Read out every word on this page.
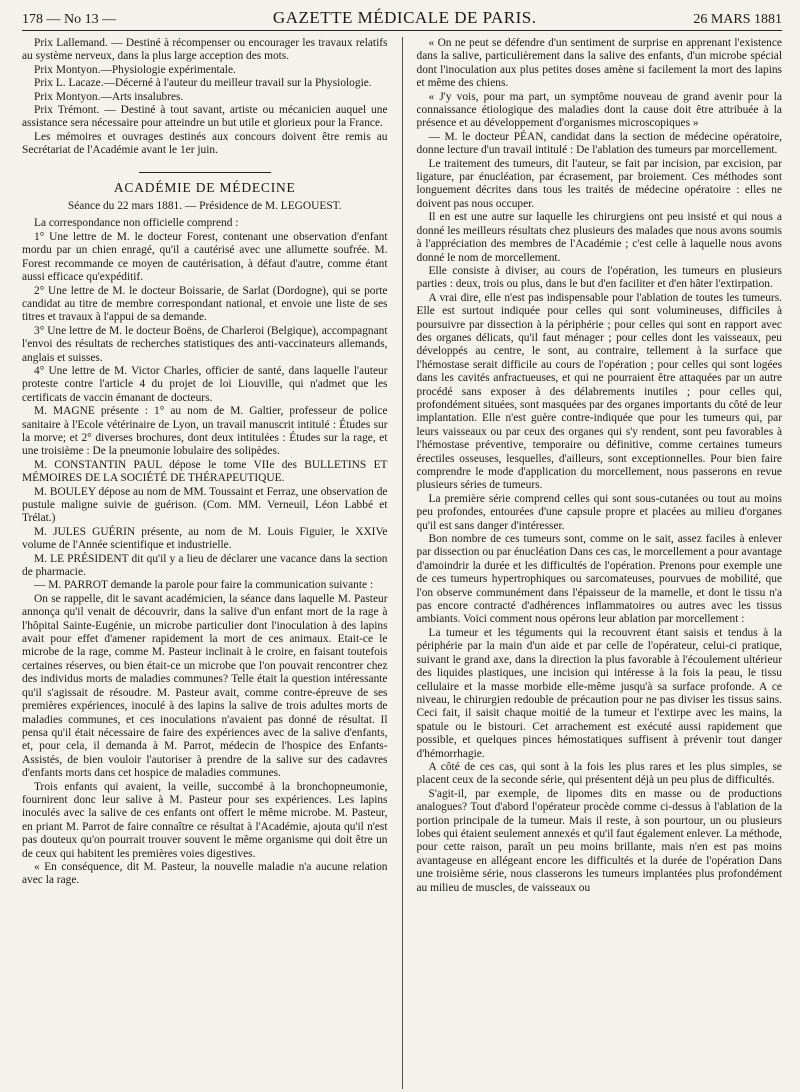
178 — No 13 —	GAZETTE MÉDICALE DE PARIS.	26 MARS 1881

Prix Lallemand. — Destiné à récompenser ou encourager les travaux relatifs au système nerveux, dans la plus large acception des mots.

Prix Montyon.—Physiologie expérimentale.

Prix L. Lacaze.—Décerné à l'auteur du meilleur travail sur la Physiologie.

Prix Montyon.—Arts insalubres.

Prix Trémont. — Destiné à tout savant, artiste ou mécanicien auquel une assistance sera nécessaire pour atteindre un but utile et glorieux pour la France.

Les mémoires et ouvrages destinés aux concours doivent être remis au Secrétariat de l'Académie avant le 1er juin.

ACADÉMIE DE MÉDECINE

Séance du 22 mars 1881. — Présidence de M. LEGOUEST.

La correspondance non officielle comprend :

1° Une lettre de M. le docteur Forest, contenant une observation d'enfant mordu par un chien enragé, qu'il a cautérisé avec une allumette soufrée. M. Forest recommande ce moyen de cautérisation, à défaut d'autre, comme étant aussi efficace qu'expéditif.

2° Une lettre de M. le docteur Boissarie, de Sarlat (Dordogne), qui se porte candidat au titre de membre correspondant national, et envoie une liste de ses titres et travaux à l'appui de sa demande.

3° Une lettre de M. le docteur Boëns, de Charleroi (Belgique), accompagnant l'envoi des résultats de recherches statistiques des anti-vaccinateurs allemands, anglais et suisses.

4° Une lettre de M. Victor Charles, officier de santé, dans laquelle l'auteur proteste contre l'article 4 du projet de loi Liouville, qui n'admet que les certificats de vaccin émanant de docteurs.

M. MAGNE présente : 1° au nom de M. Galtier, professeur de police sanitaire à l'Ecole vétérinaire de Lyon, un travail manuscrit intitulé : Études sur la morve; et 2° diverses brochures, dont deux intitulées : Études sur la rage, et une troisième : De la pneumonie lobulaire des solipèdes.

M. CONSTANTIN PAUL dépose le tome VIIe des BULLETINS ET MÉMOIRES DE LA SOCIÉTÉ DE THÉRAPEUTIQUE.

M. BOULEY dépose au nom de MM. Toussaint et Ferraz, une observation de pustule maligne suivie de guérison. (Com. MM. Verneuil, Léon Labbé et Trélat.)

M. JULES GUÉRIN présente, au nom de M. Louis Figuier, le XXIVe volume de l'Année scientifique et industrielle.

M. LE PRÉSIDENT dit qu'il y a lieu de déclarer une vacance dans la section de pharmacie.

— M. PARROT demande la parole pour faire la communication suivante :

On se rappelle, dit le savant académicien, la séance dans laquelle M. Pasteur annonça qu'il venait de découvrir, dans la salive d'un enfant mort de la rage à l'hôpital Sainte-Eugénie, un microbe particulier dont l'inoculation à des lapins avait pour effet d'amener rapidement la mort de ces animaux. Etait-ce le microbe de la rage, comme M. Pasteur inclinait à le croire, en faisant toutefois certaines réserves, ou bien était-ce un microbe que l'on pouvait rencontrer chez des individus morts de maladies communes? Telle était la question intéressante qu'il s'agissait de résoudre. M. Pasteur avait, comme contre-épreuve de ses premières expériences, inoculé à des lapins la salive de trois adultes morts de maladies communes, et ces inoculations n'avaient pas donné de résultat. Il pensa qu'il était nécessaire de faire des expériences avec de la salive d'enfants, et, pour cela, il demanda à M. Parrot, médecin de l'hospice des Enfants-Assistés, de bien vouloir l'autoriser à prendre de la salive sur des cadavres d'enfants morts dans cet hospice de maladies communes.

Trois enfants qui avaient, la veille, succombé à la bronchopneumonie, fournirent donc leur salive à M. Pasteur pour ses expériences. Les lapins inoculés avec la salive de ces enfants ont offert le même microbe. M. Pasteur, en priant M. Parrot de faire connaître ce résultat à l'Académie, ajouta qu'il n'est pas douteux qu'on pourrait trouver souvent le même organisme qui doit être un de ceux qui habitent les premières voies digestives.

« En conséquence, dit M. Pasteur, la nouvelle maladie n'a aucune relation avec la rage.

« On ne peut se défendre d'un sentiment de surprise en apprenant l'existence dans la salive, particulièrement dans la salive des enfants, d'un microbe spécial dont l'inoculation aux plus petites doses amène si facilement la mort des lapins et même des chiens.

« J'y vois, pour ma part, un symptôme nouveau de grand avenir pour la connaissance étiologique des maladies dont la cause doit être attribuée à la présence et au développement d'organismes microscopiques »

— M. le docteur PÉAN, candidat dans la section de médecine opératoire, donne lecture d'un travail intitulé : De l'ablation des tumeurs par morcellement.

Le traitement des tumeurs, dit l'auteur, se fait par incision, par excision, par ligature, par énucléation, par écrasement, par broiement. Ces méthodes sont longuement décrites dans tous les traités de médecine opératoire : elles ne doivent pas nous occuper.

Il en est une autre sur laquelle les chirurgiens ont peu insisté et qui nous a donné les meilleurs résultats chez plusieurs des malades que nous avons soumis à l'appréciation des membres de l'Académie ; c'est celle à laquelle nous avons donné le nom de morcellement.

Elle consiste à diviser, au cours de l'opération, les tumeurs en plusieurs parties : deux, trois ou plus, dans le but d'en faciliter et d'en hâter l'extirpation.

A vrai dire, elle n'est pas indispensable pour l'ablation de toutes les tumeurs. Elle est surtout indiquée pour celles qui sont volumineuses, difficiles à poursuivre par dissection à la périphérie ; pour celles qui sont en rapport avec des organes délicats, qu'il faut ménager ; pour celles dont les vaisseaux, peu développés au centre, le sont, au contraire, tellement à la surface que l'hémostase serait difficile au cours de l'opération ; pour celles qui sont logées dans les cavités anfractueuses, et qui ne pourraient être attaquées par un autre procédé sans exposer à des délabrements inutiles ; pour celles qui, profondément situées, sont masquées par des organes importants du côté de leur implantation. Elle n'est guère contre-indiquée que pour les tumeurs qui, par leurs vaisseaux ou par ceux des organes qui s'y rendent, sont peu favorables à l'hémostase préventive, temporaire ou définitive, comme certaines tumeurs érectiles osseuses, lesquelles, d'ailleurs, sont exceptionnelles. Pour bien faire comprendre le mode d'application du morcellement, nous passerons en revue plusieurs séries de tumeurs.

La première série comprend celles qui sont sous-cutanées ou tout au moins peu profondes, entourées d'une capsule propre et placées au milieu d'organes qu'il est sans danger d'intéresser.

Bon nombre de ces tumeurs sont, comme on le sait, assez faciles à enlever par dissection ou par énucléation Dans ces cas, le morcellement a pour avantage d'amoindrir la durée et les difficultés de l'opération. Prenons pour exemple une de ces tumeurs hypertrophiques ou sarcomateuses, pourvues de mobilité, que l'on observe communément dans l'épaisseur de la mamelle, et dont le tissu n'a pas encore contracté d'adhérences inflammatoires ou autres avec les tissus ambiants. Voici comment nous opérons leur ablation par morcellement :

La tumeur et les téguments qui la recouvrent étant saisis et tendus à la périphérie par la main d'un aide et par celle de l'opérateur, celui-ci pratique, suivant le grand axe, dans la direction la plus favorable à l'écoulement ultérieur des liquides plastiques, une incision qui intéresse à la fois la peau, le tissu cellulaire et la masse morbide elle-même jusqu'à sa surface profonde. A ce niveau, le chirurgien redouble de précaution pour ne pas diviser les tissus sains. Ceci fait, il saisit chaque moitié de la tumeur et l'extirpe avec les mains, la spatule ou le bistouri. Cet arrachement est exécuté aussi rapidement que possible, et quelques pinces hémostatiques suffisent à prévenir tout danger d'hémorrhagie.

A côté de ces cas, qui sont à la fois les plus rares et les plus simples, se placent ceux de la seconde série, qui présentent déjà un peu plus de difficultés.

S'agit-il, par exemple, de lipomes dits en masse ou de productions analogues? Tout d'abord l'opérateur procède comme ci-dessus à l'ablation de la portion principale de la tumeur. Mais il reste, à son pourtour, un ou plusieurs lobes qui étaient seulement annexés et qu'il faut également enlever. La méthode, pour cette raison, paraît un peu moins brillante, mais n'en est pas moins avantageuse en allégeant encore les difficultés et la durée de l'opération Dans une troisième série, nous classerons les tumeurs implantées plus profondément au milieu de muscles, de vaisseaux ou
